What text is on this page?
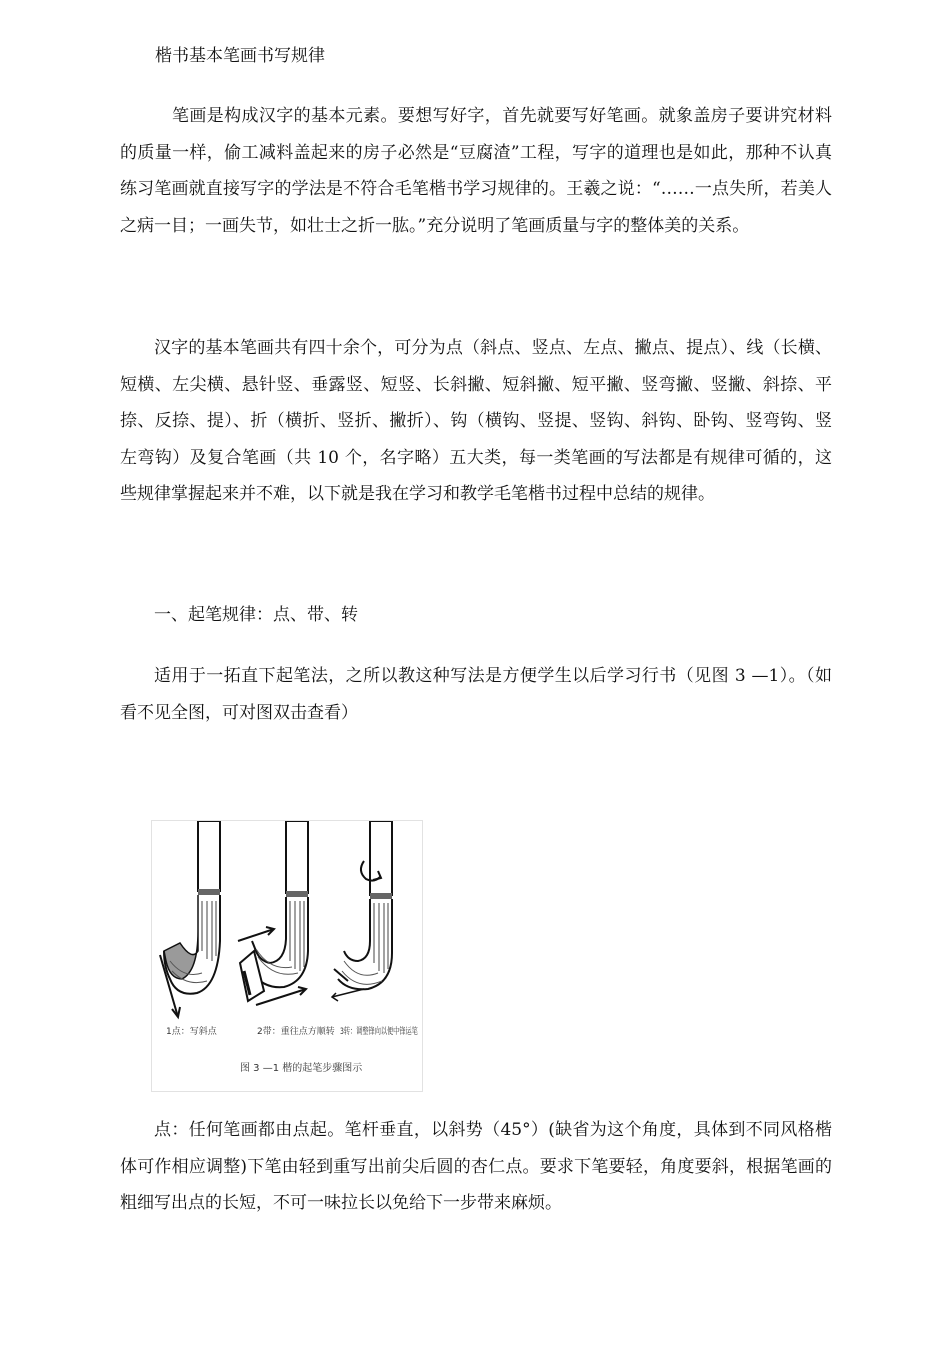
楷书基本笔画书写规律

笔画是构成汉字的基本元素。要想写好字，首先就要写好笔画。就象盖房子要讲究材料的质量一样，偷工减料盖起来的房子必然是“豆腐渣”工程，写字的道理也是如此，那种不认真练习笔画就直接写字的学法是不符合毛笔楷书学习规律的。王羲之说：“……一点失所，若美人之病一目；一画失节，如壮士之折一肱。”充分说明了笔画质量与字的整体美的关系。

汉字的基本笔画共有四十余个，可分为点（斜点、竖点、左点、撇点、提点）、线（长横、短横、左尖横、悬针竖、垂露竖、短竖、长斜撇、短斜撇、短平撇、竖弯撇、竖撇、斜捺、平捺、反捺、提）、折（横折、竖折、撇折）、钩（横钩、竖提、竖钩、斜钩、卧钩、竖弯钩、竖左弯钩）及复合笔画（共 10 个，名字略）五大类，每一类笔画的写法都是有规律可循的，这些规律掌握起来并不难，以下就是我在学习和教学毛笔楷书过程中总结的规律。

一、起笔规律：点、带、转

适用于一拓直下起笔法，之所以教这种写法是方便学生以后学习行书（见图 3 —1）。（如看不见全图，可对图双击查看）

1点：写斜点	2带：重往点方顺转 3转：调整锋向以便中锋运笔
图 3 —1 楷的起笔步骤图示

点：任何笔画都由点起。笔杆垂直，以斜势（45°）(缺省为这个角度，具体到不同风格楷体可作相应调整)下笔由轻到重写出前尖后圆的杏仁点。要求下笔要轻，角度要斜，根据笔画的粗细写出点的长短，不可一味拉长以免给下一步带来麻烦。
